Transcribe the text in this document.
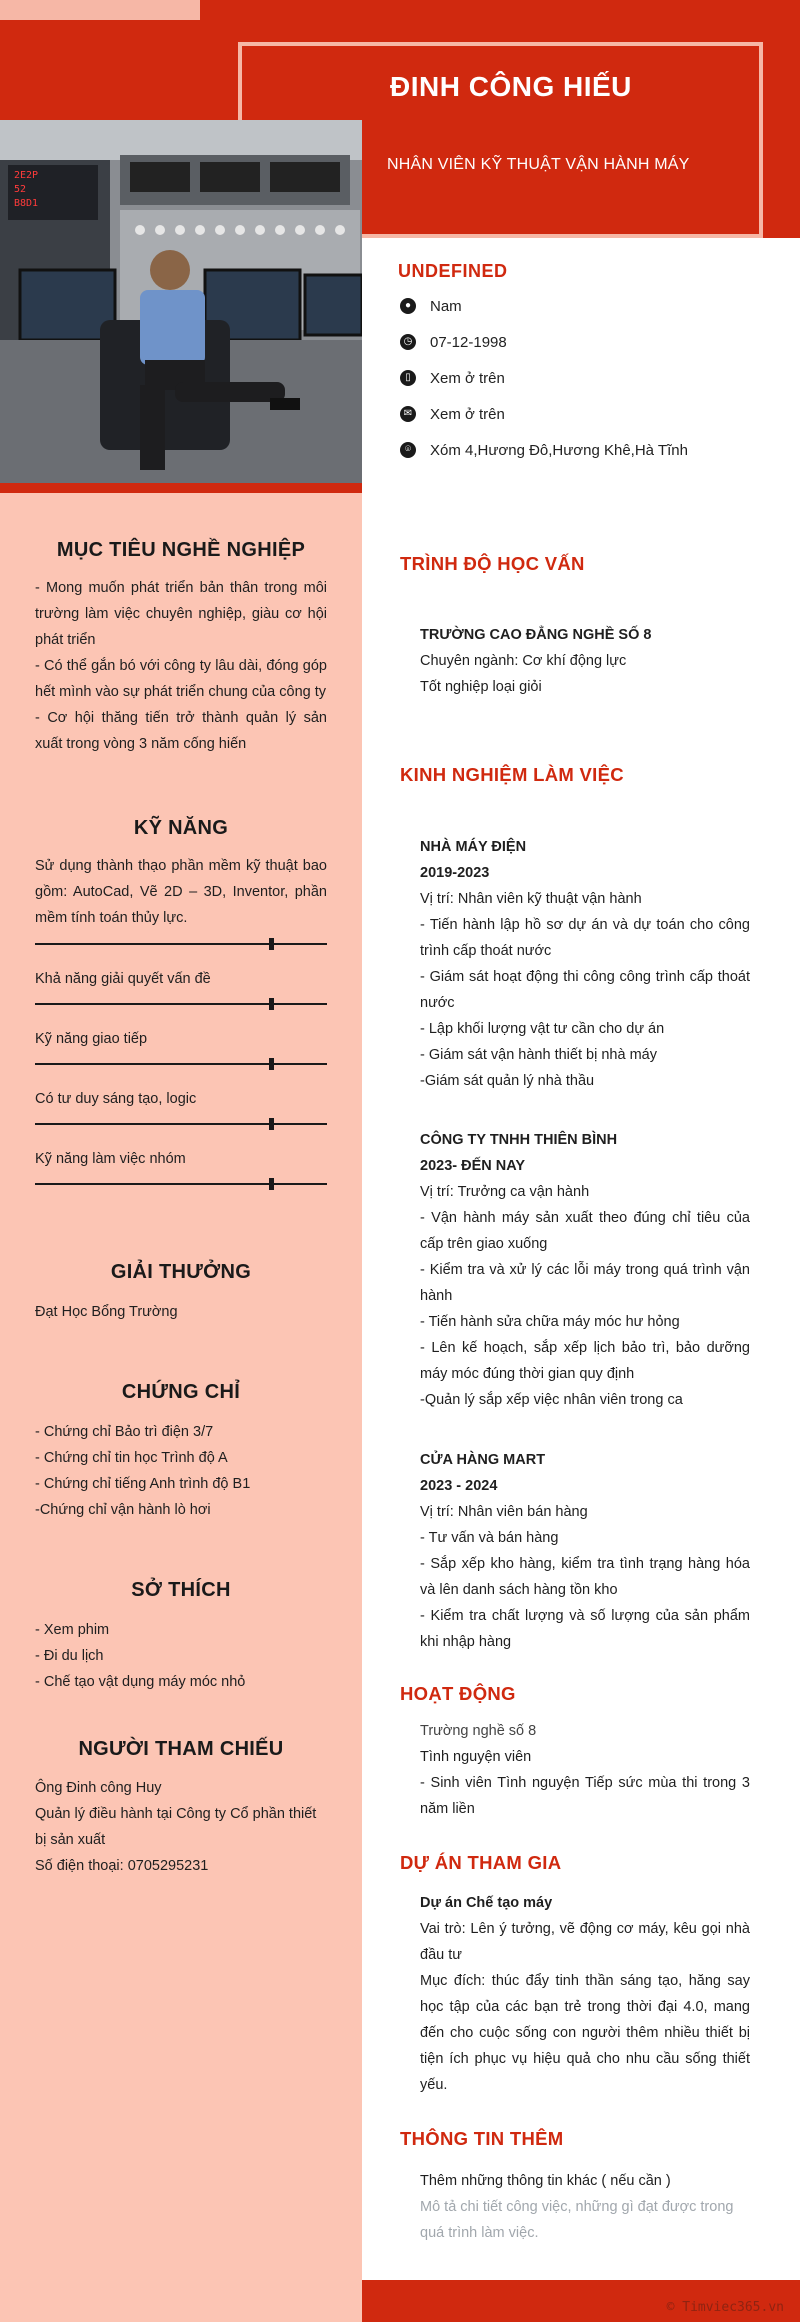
ĐINH CÔNG HIẾU
NHÂN VIÊN KỸ THUẬT VẬN HÀNH MÁY
UNDEFINED
●	Nam
◷ 07-12-1998
▯	Xem ở trên
✉ Xem ở trên
⌾	Xóm 4,Hương Đô,Hương Khê,Hà Tĩnh
2E2P
52
B8D1
MỤC TIÊU NGHỀ NGHIỆP

- Mong muốn phát triển bản thân trong môi trường làm việc chuyên nghiệp, giàu cơ hội phát triển

- Có thể gắn bó với công ty lâu dài, đóng góp hết mình vào sự phát triển chung của công ty

- Cơ hội thăng tiến trở thành quản lý sản xuất trong vòng 3 năm cống hiến

KỸ NĂNG
Sử dụng thành thạo phần mềm kỹ thuật bao gồm: AutoCad, Vẽ 2D – 3D, Inventor, phần mềm tính toán thủy lực.
Khả năng giải quyết vấn đề
Kỹ năng giao tiếp
Có tư duy sáng tạo, logic
Kỹ năng làm việc nhóm
GIẢI THƯỞNG
Đạt Học Bổng Trường
CHỨNG CHỈ

- Chứng chỉ Bảo trì điện 3/7

- Chứng chỉ tin học Trình độ A

- Chứng chỉ tiếng Anh trình độ B1

-Chứng chỉ vận hành lò hơi

SỞ THÍCH

- Xem phim

- Đi du lịch

- Chế tạo vật dụng máy móc nhỏ

NGƯỜI THAM CHIẾU

Ông Đinh công Huy

Quản lý điều hành tại Công ty Cổ phần thiết bị sản xuất

Số điện thoại: 0705295231

TRÌNH ĐỘ HỌC VẤN

TRƯỜNG CAO ĐẲNG NGHỀ SỐ 8

Chuyên ngành: Cơ khí động lực

Tốt nghiệp loại giỏi

KINH NGHIỆM LÀM VIỆC

NHÀ MÁY ĐIỆN

2019-2023

Vị trí: Nhân viên kỹ thuật vận hành

- Tiến hành lập hồ sơ dự án và dự toán cho công trình cấp thoát nước

- Giám sát hoạt động thi công công trình cấp thoát nước

- Lập khối lượng vật tư cần cho dự án

- Giám sát vận hành thiết bị nhà máy

-Giám sát quản lý nhà thầu

CÔNG TY TNHH THIÊN BÌNH

2023- ĐẾN NAY

Vị trí: Trưởng ca vận hành

- Vận hành máy sản xuất theo đúng chỉ tiêu của cấp trên giao xuống

- Kiểm tra và xử lý các lỗi máy trong quá trình vận hành

- Tiến hành sửa chữa máy móc hư hỏng

- Lên kế hoạch, sắp xếp lịch bảo trì, bảo dưỡng máy móc đúng thời gian quy định

-Quản lý sắp xếp việc nhân viên trong ca

CỬA HÀNG MART

2023 - 2024

Vị trí: Nhân viên bán hàng

- Tư vấn và bán hàng

- Sắp xếp kho hàng, kiểm tra tình trạng hàng hóa và lên danh sách hàng tồn kho

- Kiểm tra chất lượng và số lượng của sản phẩm khi nhập hàng

HOẠT ĐỘNG

Trường nghề số 8

Tình nguyện viên

- Sinh viên Tình nguyện Tiếp sức mùa thi trong 3 năm liền

DỰ ÁN THAM GIA

Dự án Chế tạo máy

Vai trò: Lên ý tưởng, vẽ động cơ máy, kêu gọi nhà đầu tư

Mục đích: thúc đẩy tinh thần sáng tạo, hăng say học tập của các bạn trẻ trong thời đại 4.0, mang đến cho cuộc sống con người thêm nhiều thiết bị tiện ích phục vụ hiệu quả cho nhu cầu sống thiết yếu.

THÔNG TIN THÊM

Thêm những thông tin khác ( nếu cần )

Mô tả chi tiết công việc, những gì đạt được trong quá trình làm việc.

© Timviec365.vn
